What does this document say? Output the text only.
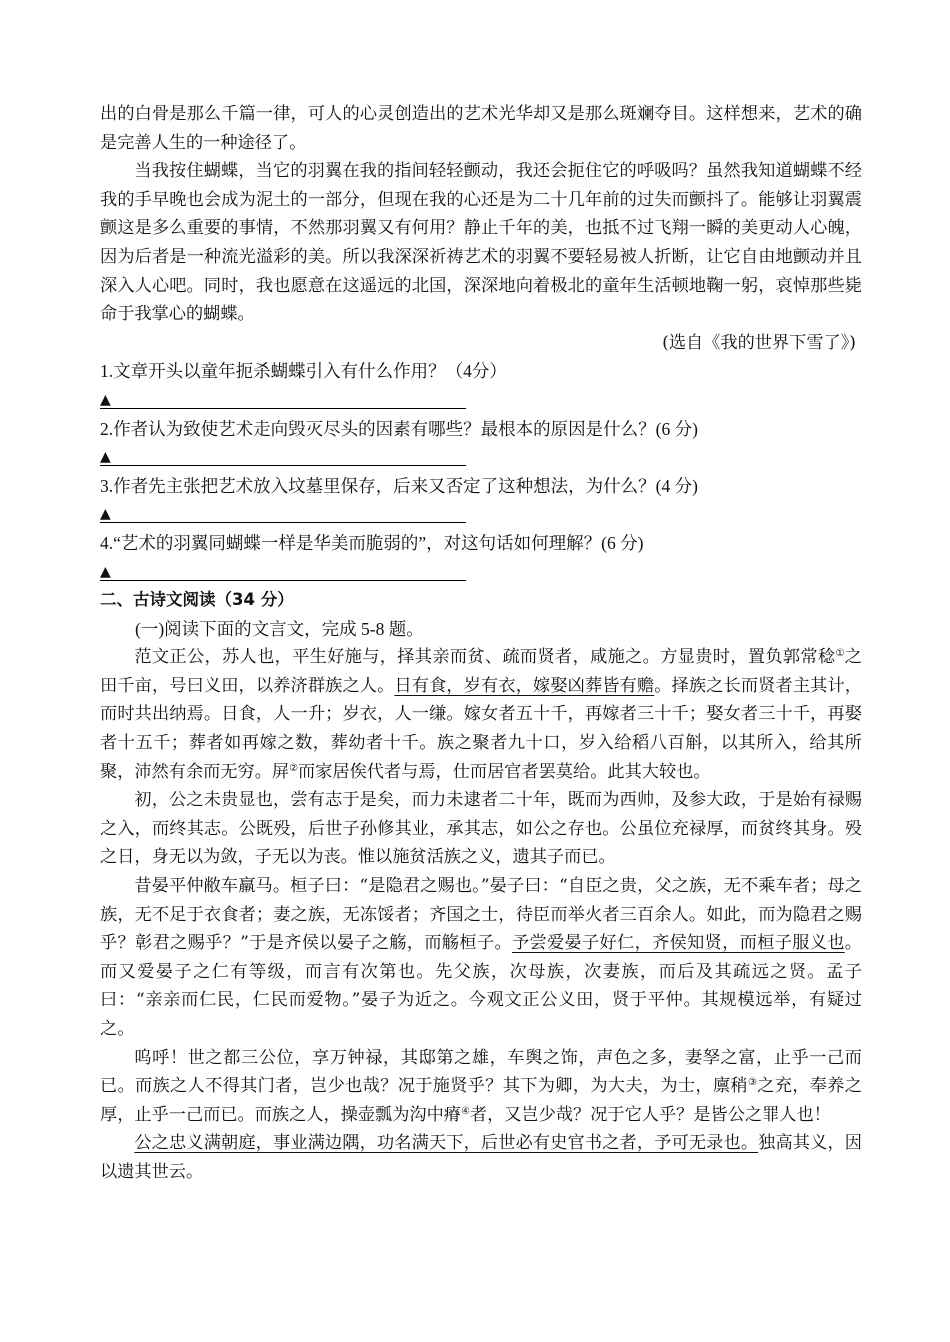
出的白骨是那么千篇一律，可人的心灵创造出的艺术光华却又是那么斑斓夺目。这样想来，艺术的确是完善人生的一种途径了。

当我按住蝴蝶，当它的羽翼在我的指间轻轻颤动，我还会扼住它的呼吸吗？虽然我知道蝴蝶不经我的手早晚也会成为泥土的一部分，但现在我的心还是为二十几年前的过失而颤抖了。能够让羽翼震颤这是多么重要的事情，不然那羽翼又有何用？静止千年的美，也抵不过飞翔一瞬的美更动人心魄，因为后者是一种流光溢彩的美。所以我深深祈祷艺术的羽翼不要轻易被人折断，让它自由地颤动并且深入人心吧。同时，我也愿意在这遥远的北国，深深地向着极北的童年生活顿地鞠一躬，哀悼那些毙命于我掌心的蝴蝶。

(选自《我的世界下雪了》)

1.文章开头以童年扼杀蝴蝶引入有什么作用？（4分）

▲

2.作者认为致使艺术走向毁灭尽头的因素有哪些？最根本的原因是什么？(6 分)

▲

3.作者先主张把艺术放入坟墓里保存，后来又否定了这种想法，为什么？(4 分)

▲

4.“艺术的羽翼同蝴蝶一样是华美而脆弱的”，对这句话如何理解？(6 分)

▲

二、古诗文阅读（34 分）

(一)阅读下面的文言文，完成 5-8 题。

范文正公，苏人也，平生好施与，择其亲而贫、疏而贤者，咸施之。方显贵时，置负郭常稔①之田千亩，号曰义田，以养济群族之人。日有食，岁有衣，嫁娶凶葬皆有赡。择族之长而贤者主其计，而时共出纳焉。日食，人一升；岁衣，人一缣。嫁女者五十千，再嫁者三十千；娶女者三十千，再娶者十五千；葬者如再嫁之数，葬幼者十千。族之聚者九十口，岁入给稻八百斛，以其所入，给其所聚，沛然有余而无穷。屏②而家居俟代者与焉，仕而居官者罢莫给。此其大较也。

初，公之未贵显也，尝有志于是矣，而力未逮者二十年，既而为西帅，及参大政，于是始有禄赐之入，而终其志。公既殁，后世子孙修其业，承其志，如公之存也。公虽位充禄厚，而贫终其身。殁之日，身无以为敛，子无以为丧。惟以施贫活族之义，遗其子而已。

昔晏平仲敝车羸马。桓子曰：“是隐君之赐也。”晏子曰：“自臣之贵，父之族，无不乘车者；母之族，无不足于衣食者；妻之族，无冻馁者；齐国之士，待臣而举火者三百余人。如此，而为隐君之赐乎？彰君之赐乎？”于是齐侯以晏子之觞，而觞桓子。予尝爱晏子好仁，齐侯知贤，而桓子服义也。而又爱晏子之仁有等级，而言有次第也。先父族，次母族，次妻族，而后及其疏远之贤。孟子曰：“亲亲而仁民，仁民而爱物。”晏子为近之。今观文正公义田，贤于平仲。其规模远举，有疑过之。

呜呼！世之都三公位，享万钟禄，其邸第之雄，车舆之饰，声色之多，妻孥之富，止乎一己而已。而族之人不得其门者，岂少也哉？况于施贤乎？其下为卿，为大夫，为士，廪稍③之充，奉养之厚，止乎一己而已。而族之人，操壶瓢为沟中瘠④者，又岂少哉？况于它人乎？是皆公之罪人也！

公之忠义满朝庭，事业满边隅，功名满天下，后世必有史官书之者，予可无录也。独高其义，因以遗其世云。
